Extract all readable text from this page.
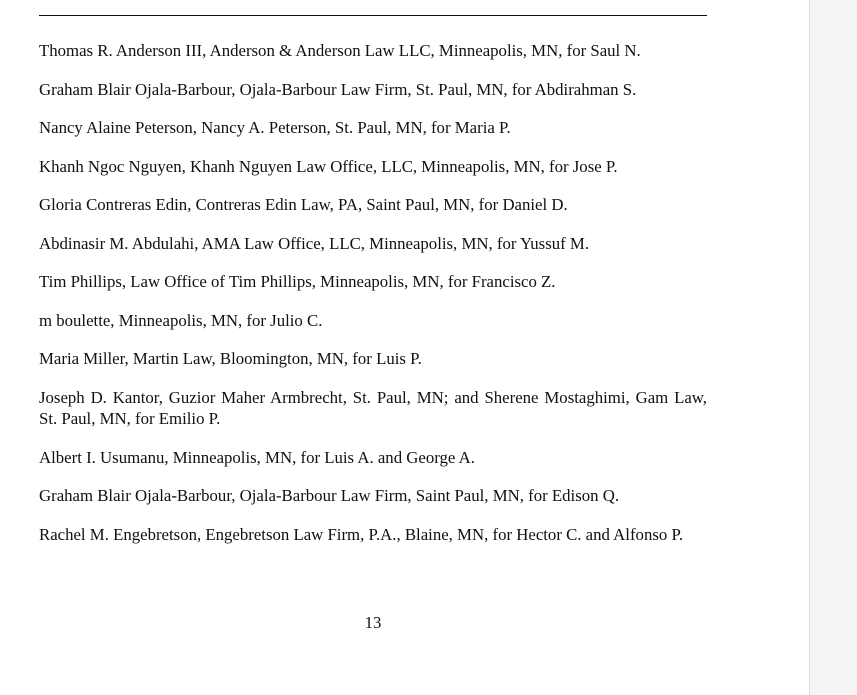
Thomas R. Anderson III, Anderson & Anderson Law LLC, Minneapolis, MN, for Saul N.
Graham Blair Ojala-Barbour, Ojala-Barbour Law Firm, St. Paul, MN, for Abdirahman S.
Nancy Alaine Peterson, Nancy A. Peterson, St. Paul, MN, for Maria P.
Khanh Ngoc Nguyen, Khanh Nguyen Law Office, LLC, Minneapolis, MN, for Jose P.
Gloria Contreras Edin, Contreras Edin Law, PA, Saint Paul, MN, for Daniel D.
Abdinasir M. Abdulahi, AMA Law Office, LLC, Minneapolis, MN, for Yussuf M.
Tim Phillips, Law Office of Tim Phillips, Minneapolis, MN, for Francisco Z.
m boulette, Minneapolis, MN, for Julio C.
Maria Miller, Martin Law, Bloomington, MN, for Luis P.
Joseph D. Kantor, Guzior Maher Armbrecht, St. Paul, MN; and Sherene Mostaghimi, Gam Law, St. Paul, MN, for Emilio P.
Albert I. Usumanu, Minneapolis, MN, for Luis A. and George A.
Graham Blair Ojala-Barbour, Ojala-Barbour Law Firm, Saint Paul, MN, for Edison Q.
Rachel M. Engebretson, Engebretson Law Firm, P.A., Blaine, MN, for Hector C. and Alfonso P.
13
